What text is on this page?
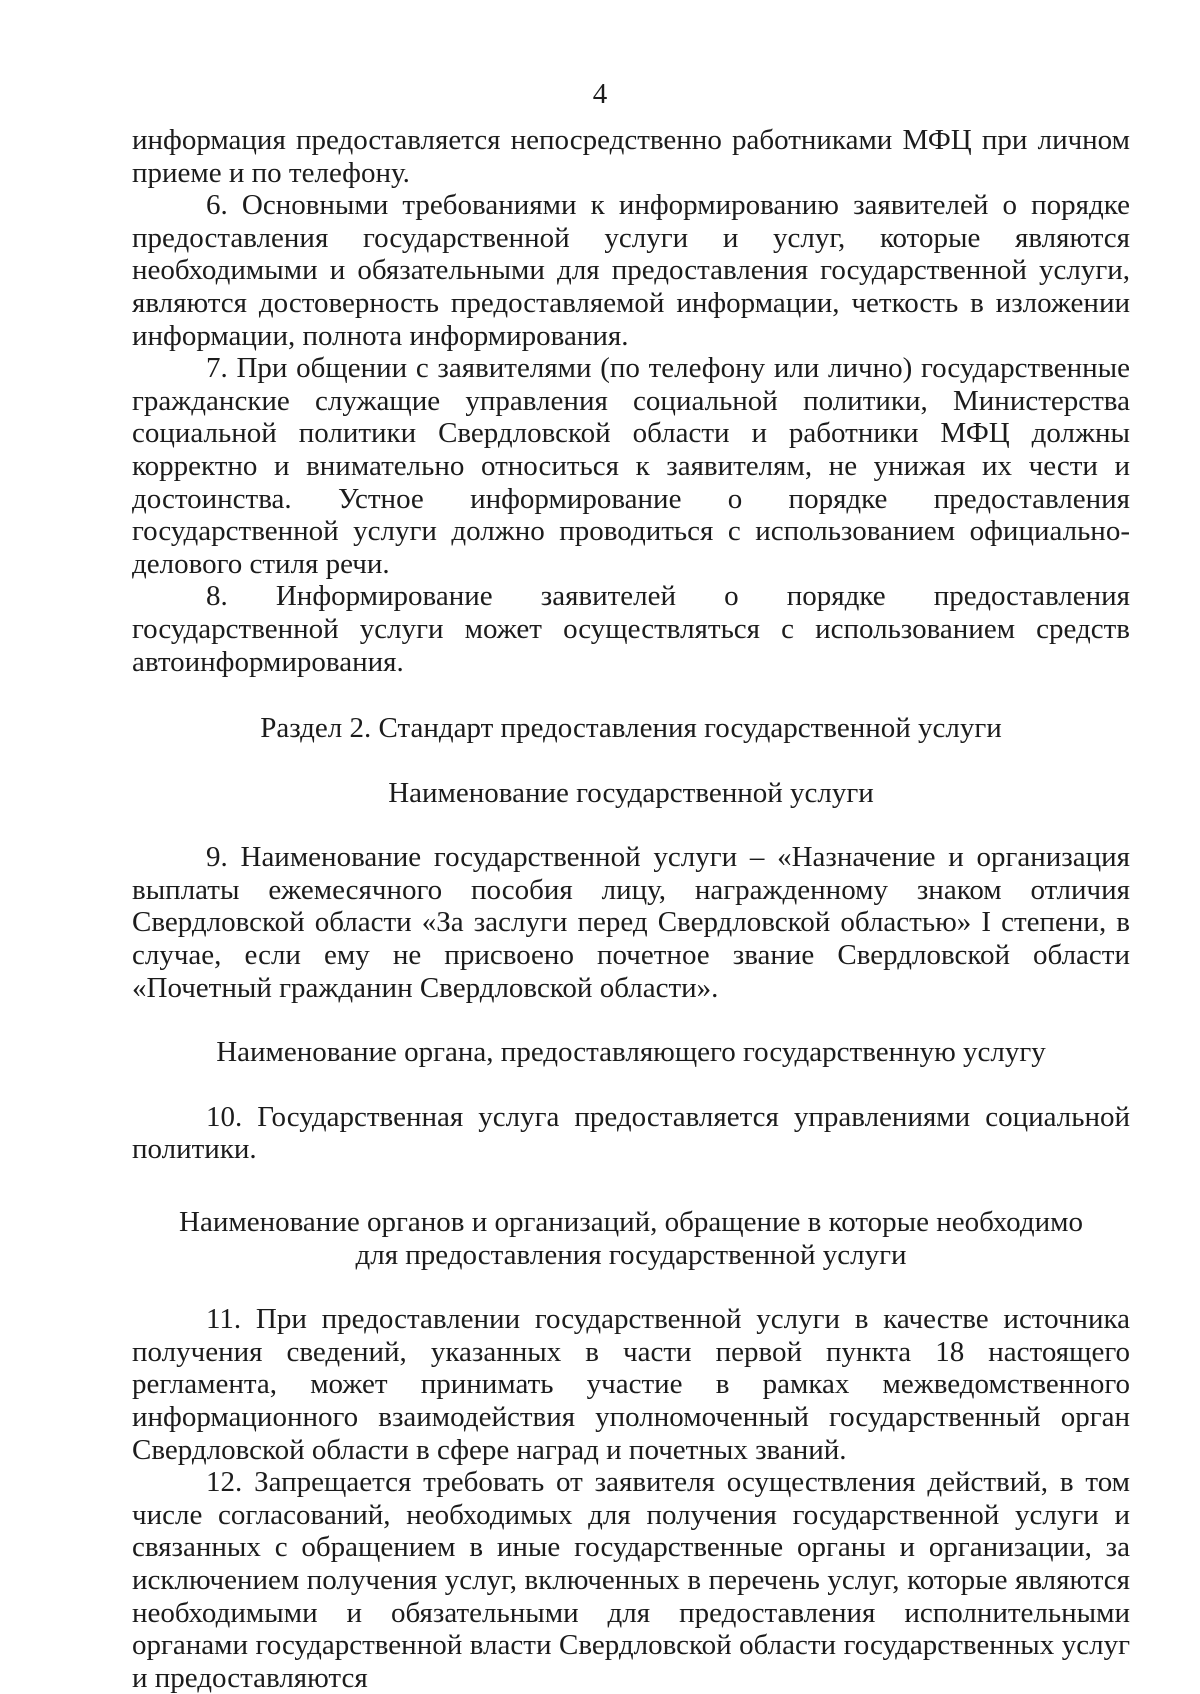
4

информация предоставляется непосредственно работниками МФЦ при личном приеме и по телефону.

6. Основными требованиями к информированию заявителей о порядке предоставления государственной услуги и услуг, которые являются необходимыми и обязательными для предоставления государственной услуги, являются достоверность предоставляемой информации, четкость в изложении информации, полнота информирования.

7. При общении с заявителями (по телефону или лично) государственные гражданские служащие управления социальной политики, Министерства социальной политики Свердловской области и работники МФЦ должны корректно и внимательно относиться к заявителям, не унижая их чести и достоинства. Устное информирование о порядке предоставления государственной услуги должно проводиться с использованием официально-делового стиля речи.

8. Информирование заявителей о порядке предоставления государственной услуги может осуществляться с использованием средств автоинформирования.

Раздел 2. Стандарт предоставления государственной услуги

Наименование государственной услуги

9. Наименование государственной услуги – «Назначение и организация выплаты ежемесячного пособия лицу, награжденному знаком отличия Свердловской области «За заслуги перед Свердловской областью» I степени, в случае, если ему не присвоено почетное звание Свердловской области «Почетный гражданин Свердловской области».

Наименование органа, предоставляющего государственную услугу

10. Государственная услуга предоставляется управлениями социальной политики.

Наименование органов и организаций, обращение в которые необходимо

для предоставления государственной услуги

11. При предоставлении государственной услуги в качестве источника получения сведений, указанных в части первой пункта 18 настоящего регламента, может принимать участие в рамках межведомственного информационного взаимодействия уполномоченный государственный орган Свердловской области в сфере наград и почетных званий.

12. Запрещается требовать от заявителя осуществления действий, в том числе согласований, необходимых для получения государственной услуги и связанных с обращением в иные государственные органы и организации, за исключением получения услуг, включенных в перечень услуг, которые являются необходимыми и обязательными для предоставления исполнительными органами государственной власти Свердловской области государственных услуг и предоставляются
